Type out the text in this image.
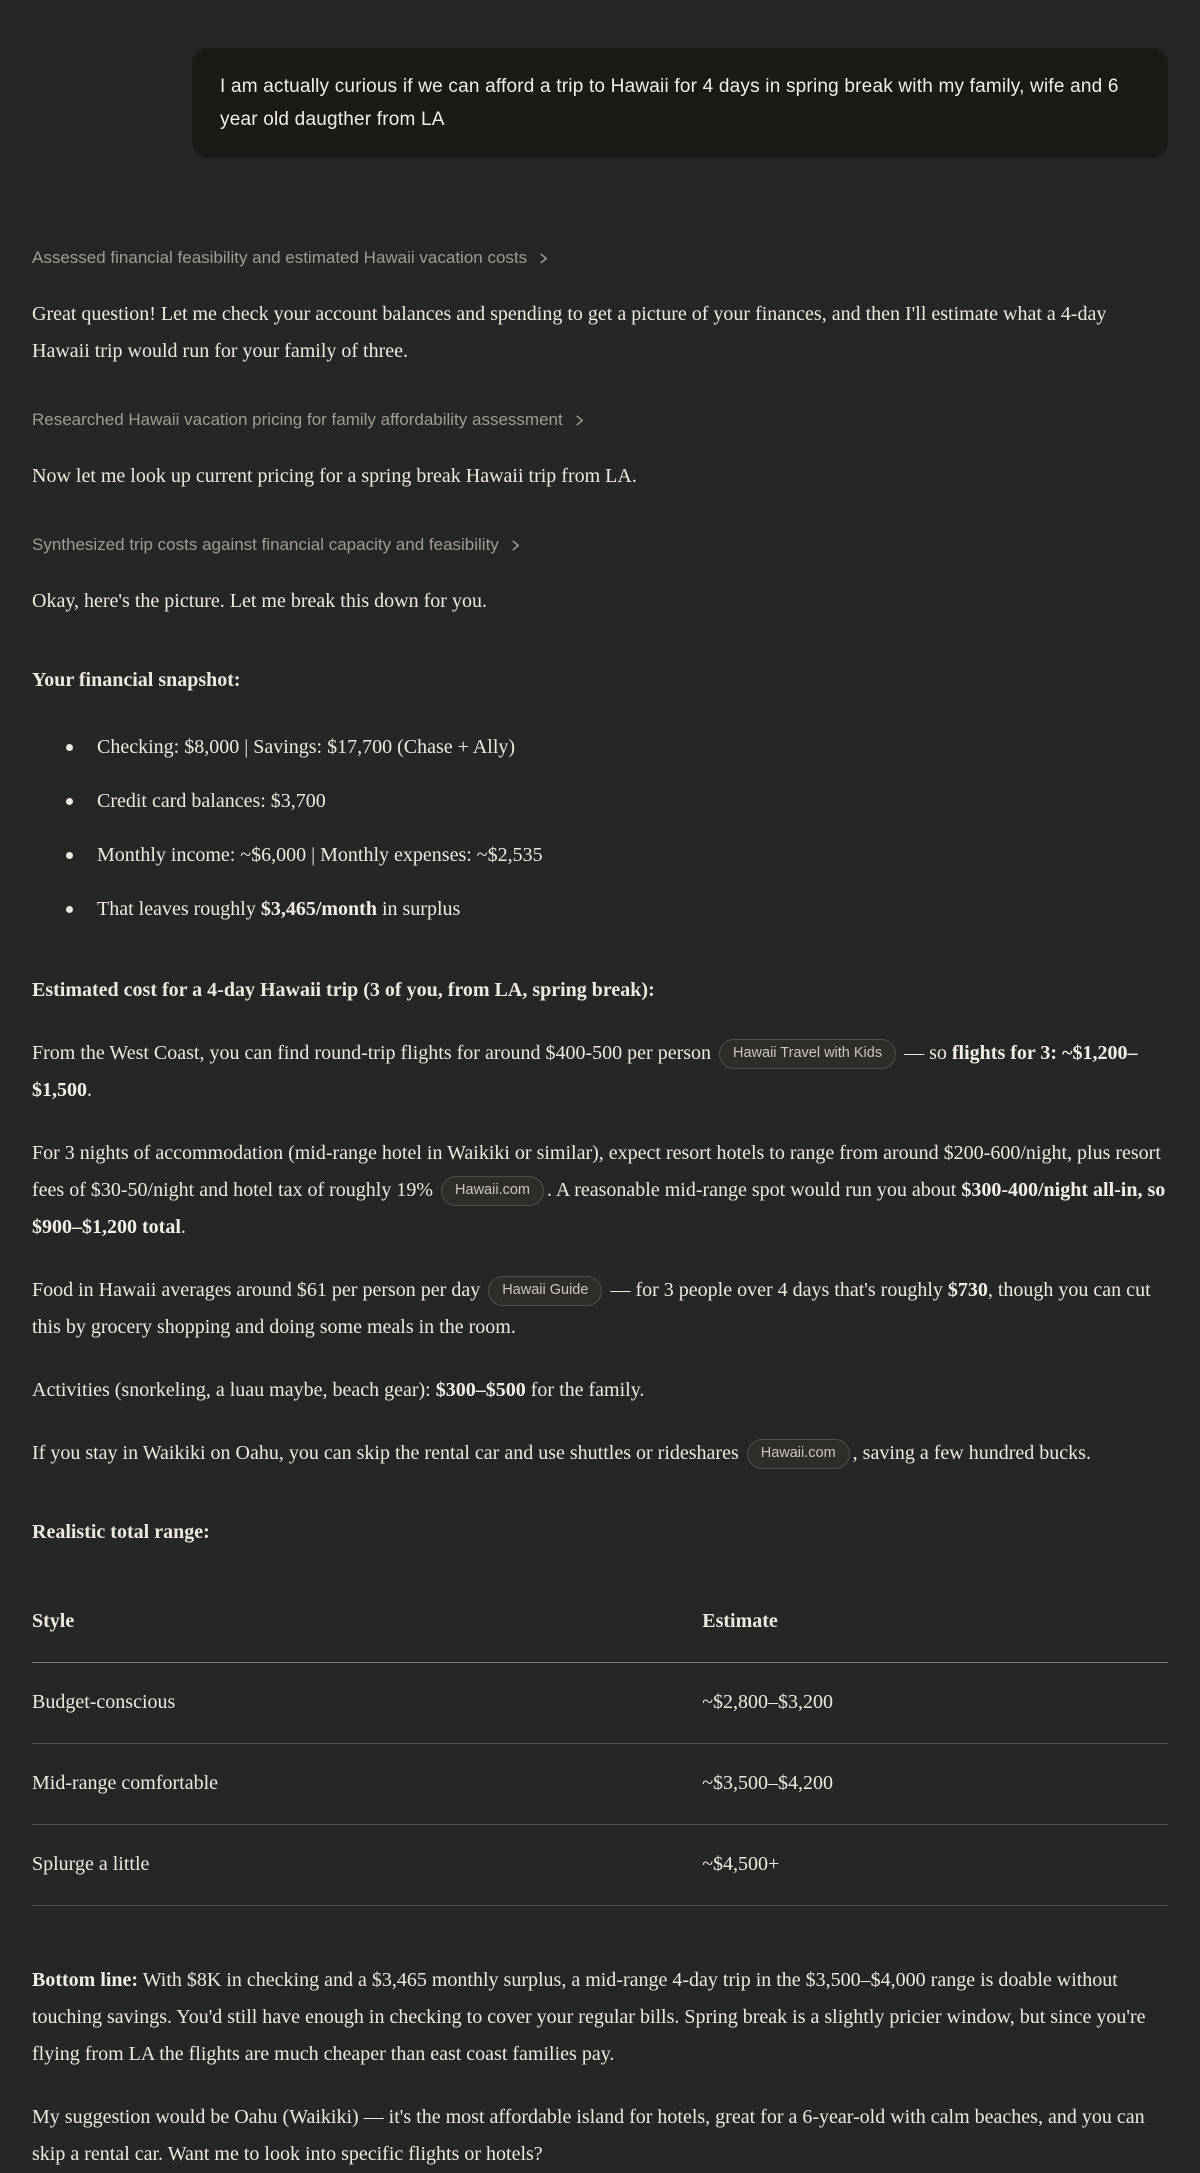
I am actually curious if we can afford a trip to Hawaii for 4 days in spring break with my family, wife and 6 year old daugther from LA
Assessed financial feasibility and estimated Hawaii vacation costs

Great question! Let me check your account balances and spending to get a picture of your finances, and then I'll estimate what a 4-day Hawaii trip would run for your family of three.

Researched Hawaii vacation pricing for family affordability assessment

Now let me look up current pricing for a spring break Hawaii trip from LA.

Synthesized trip costs against financial capacity and feasibility

Okay, here's the picture. Let me break this down for you.

Your financial snapshot:

Checking: $8,000 | Savings: $17,700 (Chase + Ally)
Credit card balances: $3,700
Monthly income: ~$6,000 | Monthly expenses: ~$2,535
That leaves roughly $3,465/month in surplus

Estimated cost for a 4-day Hawaii trip (3 of you, from LA, spring break):

From the West Coast, you can find round-trip flights for around $400-500 per person Hawaii Travel with Kids — so flights for 3: ~$1,200–$1,500.

For 3 nights of accommodation (mid-range hotel in Waikiki or similar), expect resort hotels to range from around $200-600/night, plus resort fees of $30-50/night and hotel tax of roughly 19% Hawaii.com . A reasonable mid-range spot would run you about $300-400/night all-in, so $900–$1,200 total.

Food in Hawaii averages around $61 per person per day Hawaii Guide — for 3 people over 4 days that's roughly $730, though you can cut this by grocery shopping and doing some meals in the room.

Activities (snorkeling, a luau maybe, beach gear): $300–$500 for the family.

If you stay in Waikiki on Oahu, you can skip the rental car and use shuttles or rideshares Hawaii.com , saving a few hundred bucks.

Realistic total range:

Style	Estimate
Budget-conscious	~$2,800–$3,200
Mid-range comfortable	~$3,500–$4,200
Splurge a little	~$4,500+

Bottom line: With $8K in checking and a $3,465 monthly surplus, a mid-range 4-day trip in the $3,500–$4,000 range is doable without touching savings. You'd still have enough in checking to cover your regular bills. Spring break is a slightly pricier window, but since you're flying from LA the flights are much cheaper than east coast families pay.

My suggestion would be Oahu (Waikiki) — it's the most affordable island for hotels, great for a 6-year-old with calm beaches, and you can skip a rental car. Want me to look into specific flights or hotels?
